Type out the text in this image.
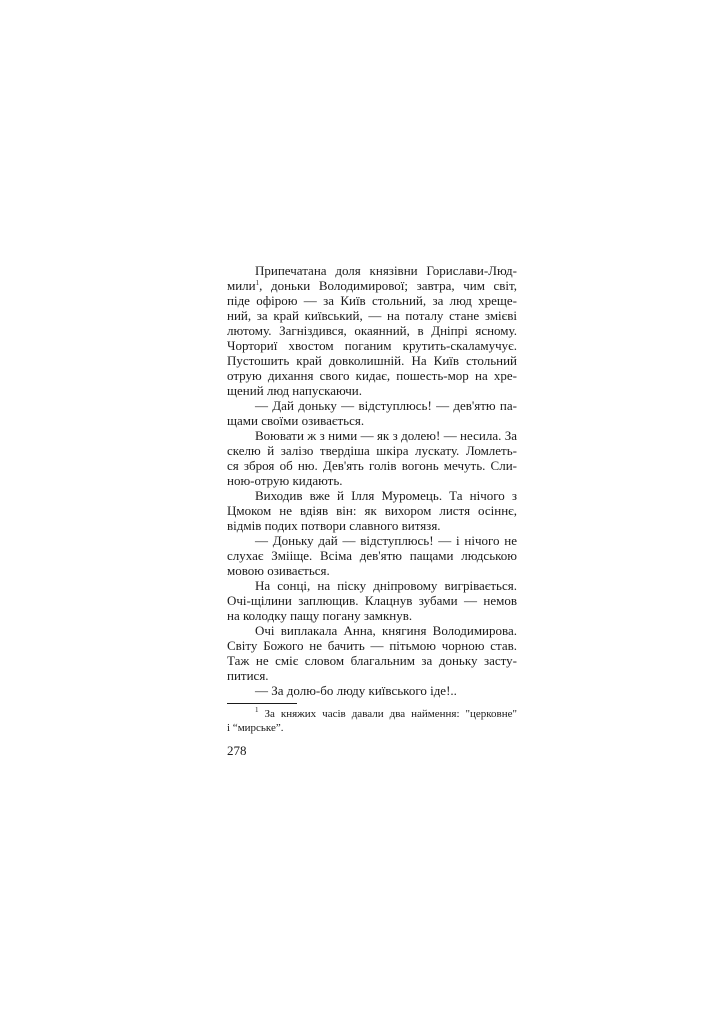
Припечатана доля князівни Горислави-Люд-
мили$^1$, доньки Володимирової; завтра, чим світ,
піде офірою — за Київ стольний, за люд хреще-
ний, за край київський, — на поталу стане змієві
лютому. Загніздився, окаянний, в Дніпрі ясному.
Чорториї хвостом поганим крутить-скаламучує.
Пустошить край довколишній. На Київ стольний
отрую дихання свого кидає, пошесть-мор на хре-
щений люд напускаючи.
— Дай доньку — відступлюсь! — дев'ятю па-
щами своїми озивається.
Воювати ж з ними — як з долею! — несила. За
скелю й залізо твердіша шкіра лускату. Ломлеть-
ся зброя об ню. Дев'ять голів вогонь мечуть. Сли-
ною-отрую кидають.
Виходив вже й Ілля Муромець. Та нічого з
Цмоком не вдіяв він: як вихором листя осіннє,
відмів подих потвори славного витязя.
— Доньку дай — відступлюсь! — і нічого не
слухає Змііще. Всіма дев'ятю пащами людською
мовою озивається.
На сонці, на піску дніпровому вигрівається.
Очі-щілини заплющив. Клацнув зубами — немов
на колодку пащу погану замкнув.
Очі виплакала Анна, княгиня Володимирова.
Світу Божого не бачить — пітьмою чорною став.
Таж не сміє словом благальним за доньку засту-
питися.
— За долю-бо люду київського іде!..
$^1$ За княжих часів давали два наймення: "церковне"
і “мирське”.
278
